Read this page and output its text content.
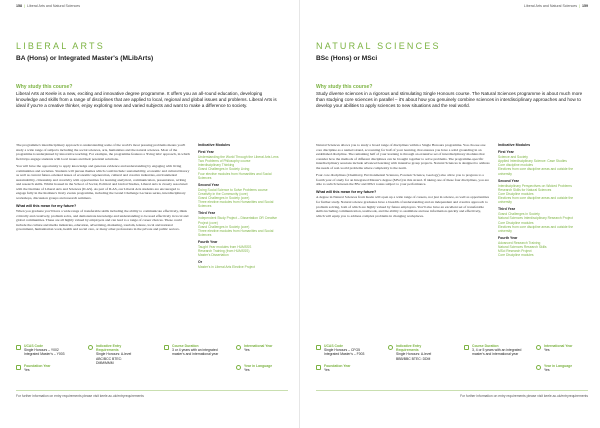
158 | Liberal Arts and Natural Sciences
LIBERAL ARTS
BA (Hons) or Integrated Master's (MLibArts)
Why study this course?
Liberal Arts at Keele is a new, exciting and innovative degree programme. It offers you an all-round education, developing knowledge and skills from a range of disciplines that are applied to local, regional and global issues and problems. Liberal Arts is ideal if you're a creative thinker, enjoy exploring new and varied subjects and want to make a difference to society.

The programme's interdisciplinary approach to understanding some of the world's most pressing problems means you'll study a wide range of subjects including the social sciences, arts, humanities and the natural sciences. Most of the programme is underpinned by innovative teaching. For example, the programme features a 'living labs' approach, in which field trips engage students with local issues and their potential solutions.

You will have the opportunity to apply knowledge and generate evidence and understanding by engaging with living communities and societies. Students will pursue themes which could include: sustainability, economic and cultural history as well as current future-oriented issues of economic regeneration, cultural and creative industries, environmental sustainability, citizenship and creativity with opportunities for learning analytical, communication, presentation, writing and research skills. Whilst housed in the School of Social, Political and Global Studies, Liberal Arts is closely associated with the Institute of Liberal Arts and Sciences (ILAS). As part of ILAS, our Liberal Arts students are encouraged to engage fully in the Institute's lively events programme, including the Grand Challenge Lectures series, interdisciplinary workshops, discussion groups and research seminars.

What will this mean for my future?

When you graduate you'll have a wide range of transferable skills including the ability to communicate effectively, think critically and creatively, problem solve, and demonstrate knowledge and understanding to be used effectively in local and global communities. These are all highly valued by employers and can lead to a range of career choices. These could include the culture and media industries, education, advertising, marketing, tourism, leisure, local and national government, humanitarian work, health and social care, or many other professions in the private and public sectors.

Indicative Modules
First Year
Understanding the World Through the Liberal Arts Lens
Two Problems of Philosophy course
Interdisciplinary Thinking
Grand Challenges in Society Living
Four elective modules from Humanities and Social Sciences
Second Year
Doing Social Science to Solve Problems course
Creativity in the Community (core)
Grand Challenges in Society (core)
Three elective modules from Humanities and Social Sciences
Third Year
Independent Study Project – Dissertation OR Creative Project (core)
Grand Challenges in Society (core)
Three elective modules from Humanities and Social Sciences
Fourth Year
Taught Year modules from HUMSSS
Research Training (from HUMSSS)
Master's Dissertation
Or
Master's in Liberal Arts Elective Project
UCAS Code
Single Honours – Y002 Integrated Master's – Y003
Indicative Entry Requirements
Single Honours: A-level ABC/BCC BTEC: DMM/MMM
Course Duration
3 or 4 years with an integrated master's and international year
International Year
Yes
Foundation Year
Yes
Year in Language
Yes
For further information on entry requirements please visit keele.ac.uk/entryrequirements
Liberal Arts and Natural Sciences | 159
NATURAL SCIENCES
BSc (Hons) or MSci
Why study this course?
Study diverse sciences in a rigorous and stimulating Single Honours course. The Natural Sciences programme is about much more than studying core sciences in parallel – it's about how you genuinely combine sciences in interdisciplinary approaches and how to develop your abilities to apply sciences to new situations and the real world.

Natural Sciences allows you to study a broad range of disciplines within a Single Honours programme. You choose one core discipline as a named strand, accounting for half of your learning, that ensures you have a solid grounding in an established discipline. The remaining half of your learning is through an extensive set of interdisciplinary modules that consider how the methods of different disciplines can be brought together to solve problems. The programme-specific interdisciplinary sessions include advanced learning with intensive group projects. Natural Sciences is designed to address the needs of real-world problems where complexity is the norm.

Four core disciplines (Chemistry, Environmental Sciences, Forensic Science, Geology) also allow you to progress to a fourth year of study for an Integrated Master's degree (MSci) in this strand. If taking one of these four disciplines, you are able to switch between the BSc and MSci routes subject to your performance.

What will this mean for my future?

A degree in Natural Sciences from Keele will open up a wide range of careers, not just in science, as well as opportunities for further study. Natural science graduates have a breadth of understanding and an independent and creative approach to problem solving, both of which are highly valued by future employers. You'll also have an excellent set of transferable skills including communication, teamwork, and the ability to assimilate and use information quickly and effectively, which will equip you to address complex problems in changing workplaces.

Indicative Modules
First Year
Science and Society
Applied Interdisciplinary Science: Case Studies
Core discipline modules
Electives from core discipline areas and outside the university
Second Year
Interdisciplinary Perspectives on Wicked Problems
Research Skills for Natural Sciences
Core Discipline modules
Electives from core discipline areas and outside the university
Third Year
Grand Challenges in Society
Natural Sciences Interdisciplinary Research Project
Core Discipline modules
Electives from core discipline areas and outside the university
Fourth Year
Advanced Research Training
Natural Sciences Research Skills
MSci Research Project
Core Discipline modules
UCAS Code
Single Honours – CFG5 Integrated Master's – F003
Indicative Entry Requirements
Single Honours: A-level BBB/BBC BTEC: DDM
Course Duration
3, 4 or 5 years with an integrated master's and international year
International Year
Yes
Foundation Year
Yes
Year in Language
Yes
For further information on entry requirements please visit keele.ac.uk/entryrequirements
